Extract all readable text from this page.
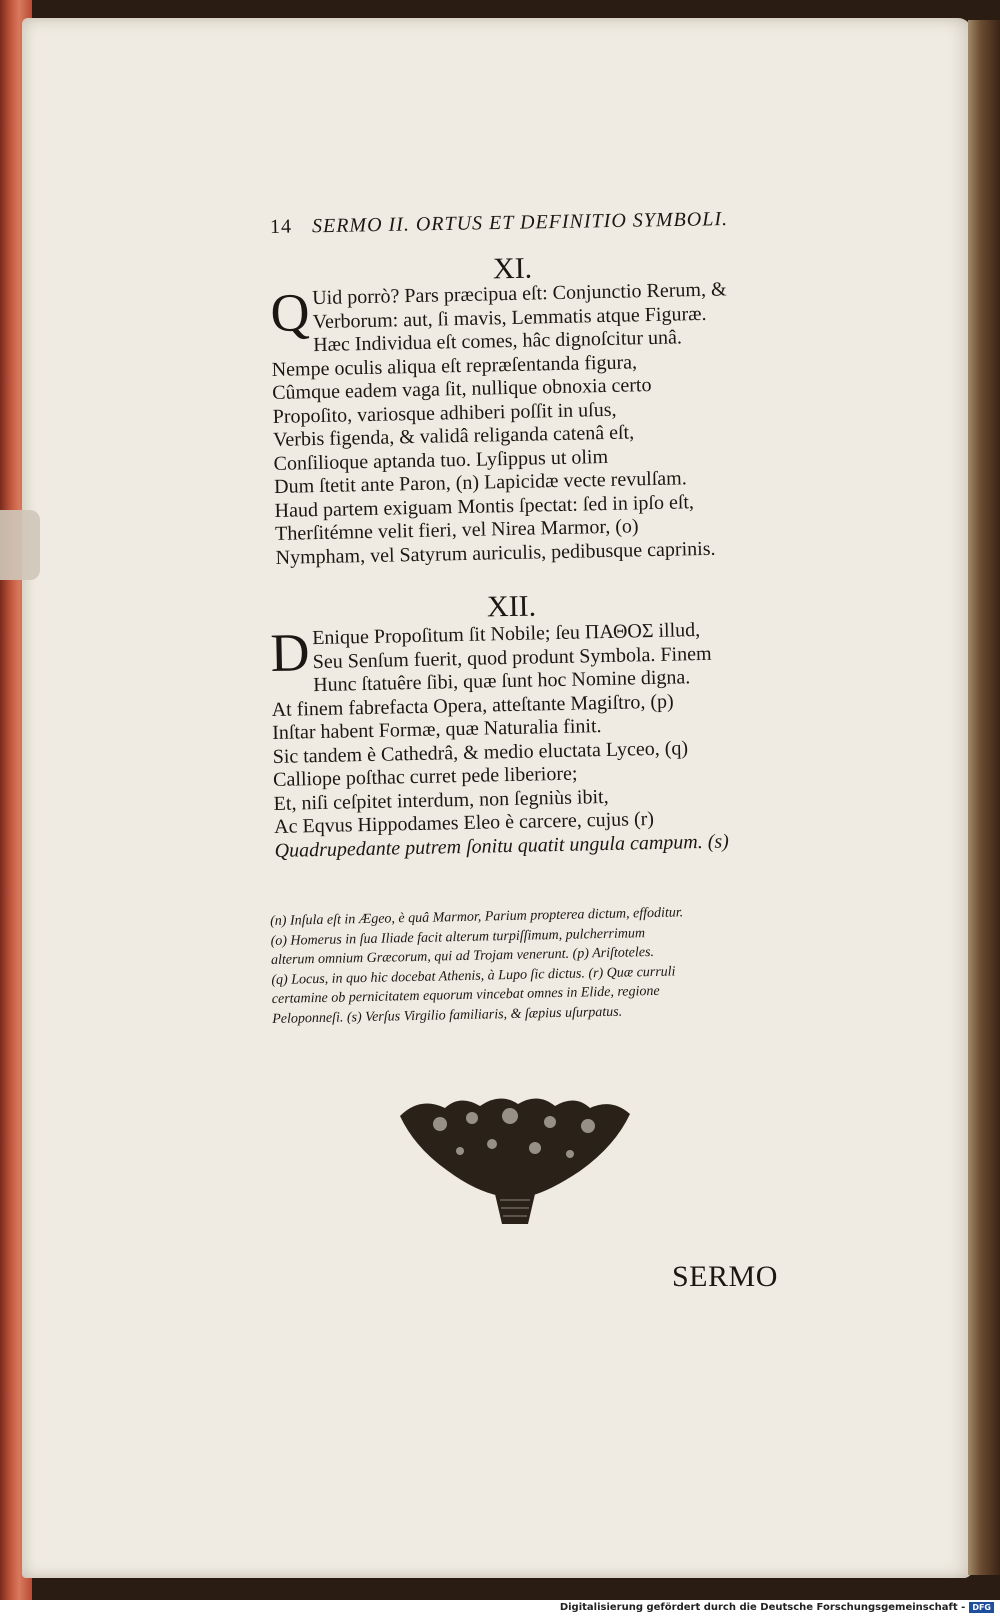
14 SERMO II. ORTUS ET DEFINITIO SYMBOLI.
XI.
Q Uid porrò? Pars præcipua eſt: Conjunctio Rerum, &
Verborum: aut, ſi mavis, Lemmatis atque Figuræ.
Hæc Individua eſt comes, hâc dignoſcitur unâ.
Nempe oculis aliqua eſt repræſentanda figura,
Cûmque eadem vaga ſit, nullique obnoxia certo
Propoſito, variosque adhiberi poſſit in uſus,
Verbis figenda, & validâ religanda catenâ eſt,
Conſilioque aptanda tuo. Lyſippus ut olim
Dum ſtetit ante Paron, (n) Lapicidæ vecte revulſam.
Haud partem exiguam Montis ſpectat: ſed in ipſo eſt,
Therſitémne velit fieri, vel Nirea Marmor, (o)
Nympham, vel Satyrum auriculis, pedibusque caprinis.
XII.
D Enique Propoſitum ſit Nobile; ſeu ΠΑΘΟΣ illud,
Seu Senſum fuerit, quod produnt Symbola. Finem
Hunc ſtatuêre ſibi, quæ ſunt hoc Nomine digna.
At finem fabrefacta Opera, atteſtante Magiſtro, (p)
Inſtar habent Formæ, quæ Naturalia finit.
Sic tandem è Cathedrâ, & medio eluctata Lyceo, (q)
Calliope poſthac curret pede liberiore;
Et, niſi ceſpitet interdum, non ſegniùs ibit,
Ac Eqvus Hippodames Eleo è carcere, cujus (r)
Quadrupedante putrem ſonitu quatit ungula campum. (s)
(n) Inſula eſt in Ægeo, è quâ Marmor, Parium propterea dictum, effoditur.
(o) Homerus in ſua Iliade facit alterum turpiſſimum, pulcherrimum
alterum omnium Græcorum, qui ad Trojam venerunt. (p) Ariſtoteles.
(q) Locus, in quo hic docebat Athenis, à Lupo ſic dictus. (r) Quæ curruli
certamine ob pernicitatem equorum vincebat omnes in Elide, regione
Peloponneſi. (s) Verſus Virgilio familiaris, & ſæpius uſurpatus.
SERMO
Digitalisierung gefördert durch die Deutsche Forschungsgemeinschaft - DFG
